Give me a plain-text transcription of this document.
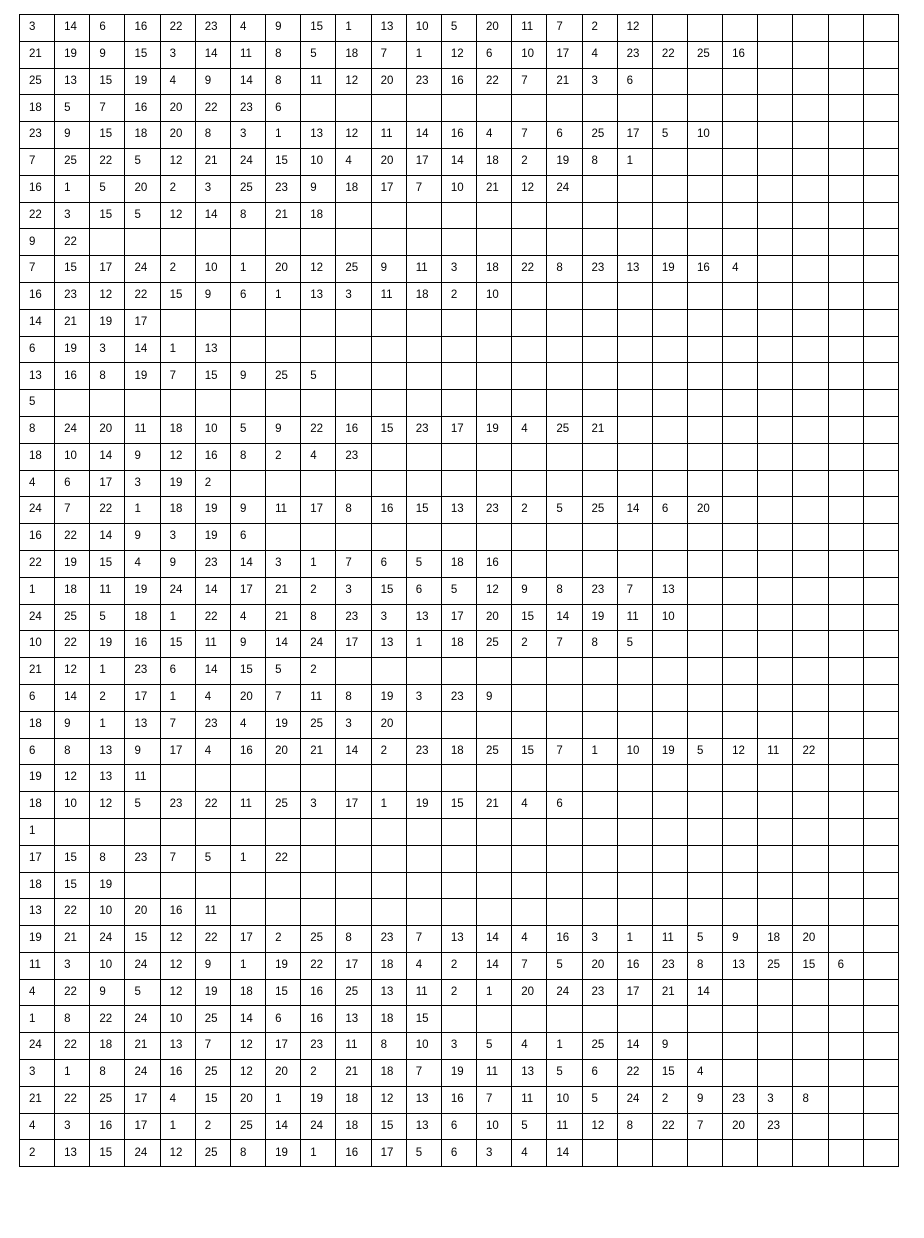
3	14	6	16	22	23	4	9	15	1	13	10	5	20	11	7	2	12							
21	19	9	15	3	14	11	8	5	18	7	1	12	6	10	17	4	23	22	25	16				
25	13	15	19	4	9	14	8	11	12	20	23	16	22	7	21	3	6							
18	5	7	16	20	22	23	6																	
23	9	15	18	20	8	3	1	13	12	11	14	16	4	7	6	25	17	5	10					
7	25	22	5	12	21	24	15	10	4	20	17	14	18	2	19	8	1							
16	1	5	20	2	3	25	23	9	18	17	7	10	21	12	24									
22	3	15	5	12	14	8	21	18																
9	22																							
7	15	17	24	2	10	1	20	12	25	9	11	3	18	22	8	23	13	19	16	4				
16	23	12	22	15	9	6	1	13	3	11	18	2	10											
14	21	19	17																					
6	19	3	14	1	13																			
13	16	8	19	7	15	9	25	5																
5																								
8	24	20	11	18	10	5	9	22	16	15	23	17	19	4	25	21								
18	10	14	9	12	16	8	2	4	23															
4	6	17	3	19	2																			
24	7	22	1	18	19	9	11	17	8	16	15	13	23	2	5	25	14	6	20					
16	22	14	9	3	19	6																		
22	19	15	4	9	23	14	3	1	7	6	5	18	16											
1	18	11	19	24	14	17	21	2	3	15	6	5	12	9	8	23	7	13						
24	25	5	18	1	22	4	21	8	23	3	13	17	20	15	14	19	11	10						
10	22	19	16	15	11	9	14	24	17	13	1	18	25	2	7	8	5							
21	12	1	23	6	14	15	5	2																
6	14	2	17	1	4	20	7	11	8	19	3	23	9											
18	9	1	13	7	23	4	19	25	3	20														
6	8	13	9	17	4	16	20	21	14	2	23	18	25	15	7	1	10	19	5	12	11	22		
19	12	13	11																					
18	10	12	5	23	22	11	25	3	17	1	19	15	21	4	6									
1																								
17	15	8	23	7	5	1	22																	
18	15	19																						
13	22	10	20	16	11																			
19	21	24	15	12	22	17	2	25	8	23	7	13	14	4	16	3	1	11	5	9	18	20		
11	3	10	24	12	9	1	19	22	17	18	4	2	14	7	5	20	16	23	8	13	25	15	6	
4	22	9	5	12	19	18	15	16	25	13	11	2	1	20	24	23	17	21	14					
1	8	22	24	10	25	14	6	16	13	18	15													
24	22	18	21	13	7	12	17	23	11	8	10	3	5	4	1	25	14	9						
3	1	8	24	16	25	12	20	2	21	18	7	19	11	13	5	6	22	15	4					
21	22	25	17	4	15	20	1	19	18	12	13	16	7	11	10	5	24	2	9	23	3	8		
4	3	16	17	1	2	25	14	24	18	15	13	6	10	5	11	12	8	22	7	20	23			
2	13	15	24	12	25	8	19	1	16	17	5	6	3	4	14									
